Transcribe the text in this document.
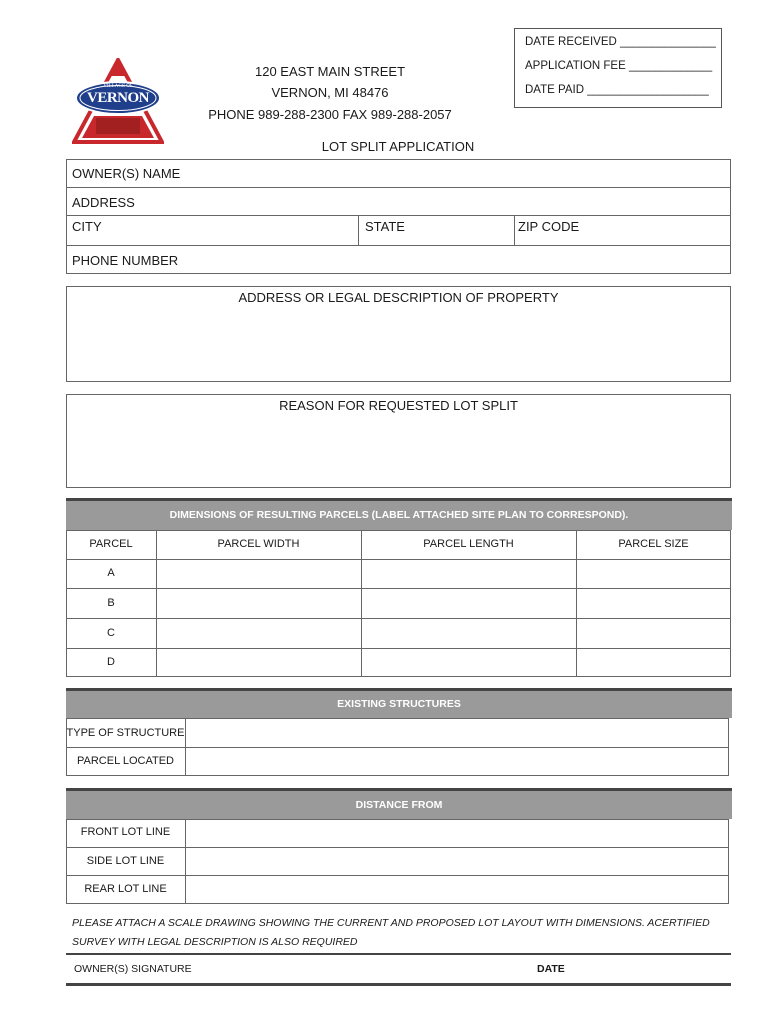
DATE RECEIVED _______________
APPLICATION FEE _____________
DATE PAID ___________________
VILLAGE OF
VERNON
120 EAST MAIN STREET
VERNON, MI 48476
PHONE 989-288-2300 FAX 989-288-2057
LOT SPLIT APPLICATION
OWNER(S) NAME
ADDRESS
CITY	STATE	ZIP CODE
PHONE NUMBER
ADDRESS OR LEGAL DESCRIPTION OF PROPERTY
REASON FOR REQUESTED LOT SPLIT
DIMENSIONS OF RESULTING PARCELS (LABEL ATTACHED SITE PLAN TO CORRESPOND).
PARCEL	PARCEL WIDTH	PARCEL LENGTH	PARCEL SIZE
A
B
C
D
EXISTING STRUCTURES
TYPE OF STRUCTURE
PARCEL LOCATED
DISTANCE FROM
FRONT LOT LINE
SIDE LOT LINE
REAR LOT LINE
PLEASE ATTACH A SCALE DRAWING SHOWING THE CURRENT AND PROPOSED LOT LAYOUT WITH DIMENSIONS. ACERTIFIED
SURVEY WITH LEGAL DESCRIPTION IS ALSO REQUIRED
OWNER(S) SIGNATURE	DATE
